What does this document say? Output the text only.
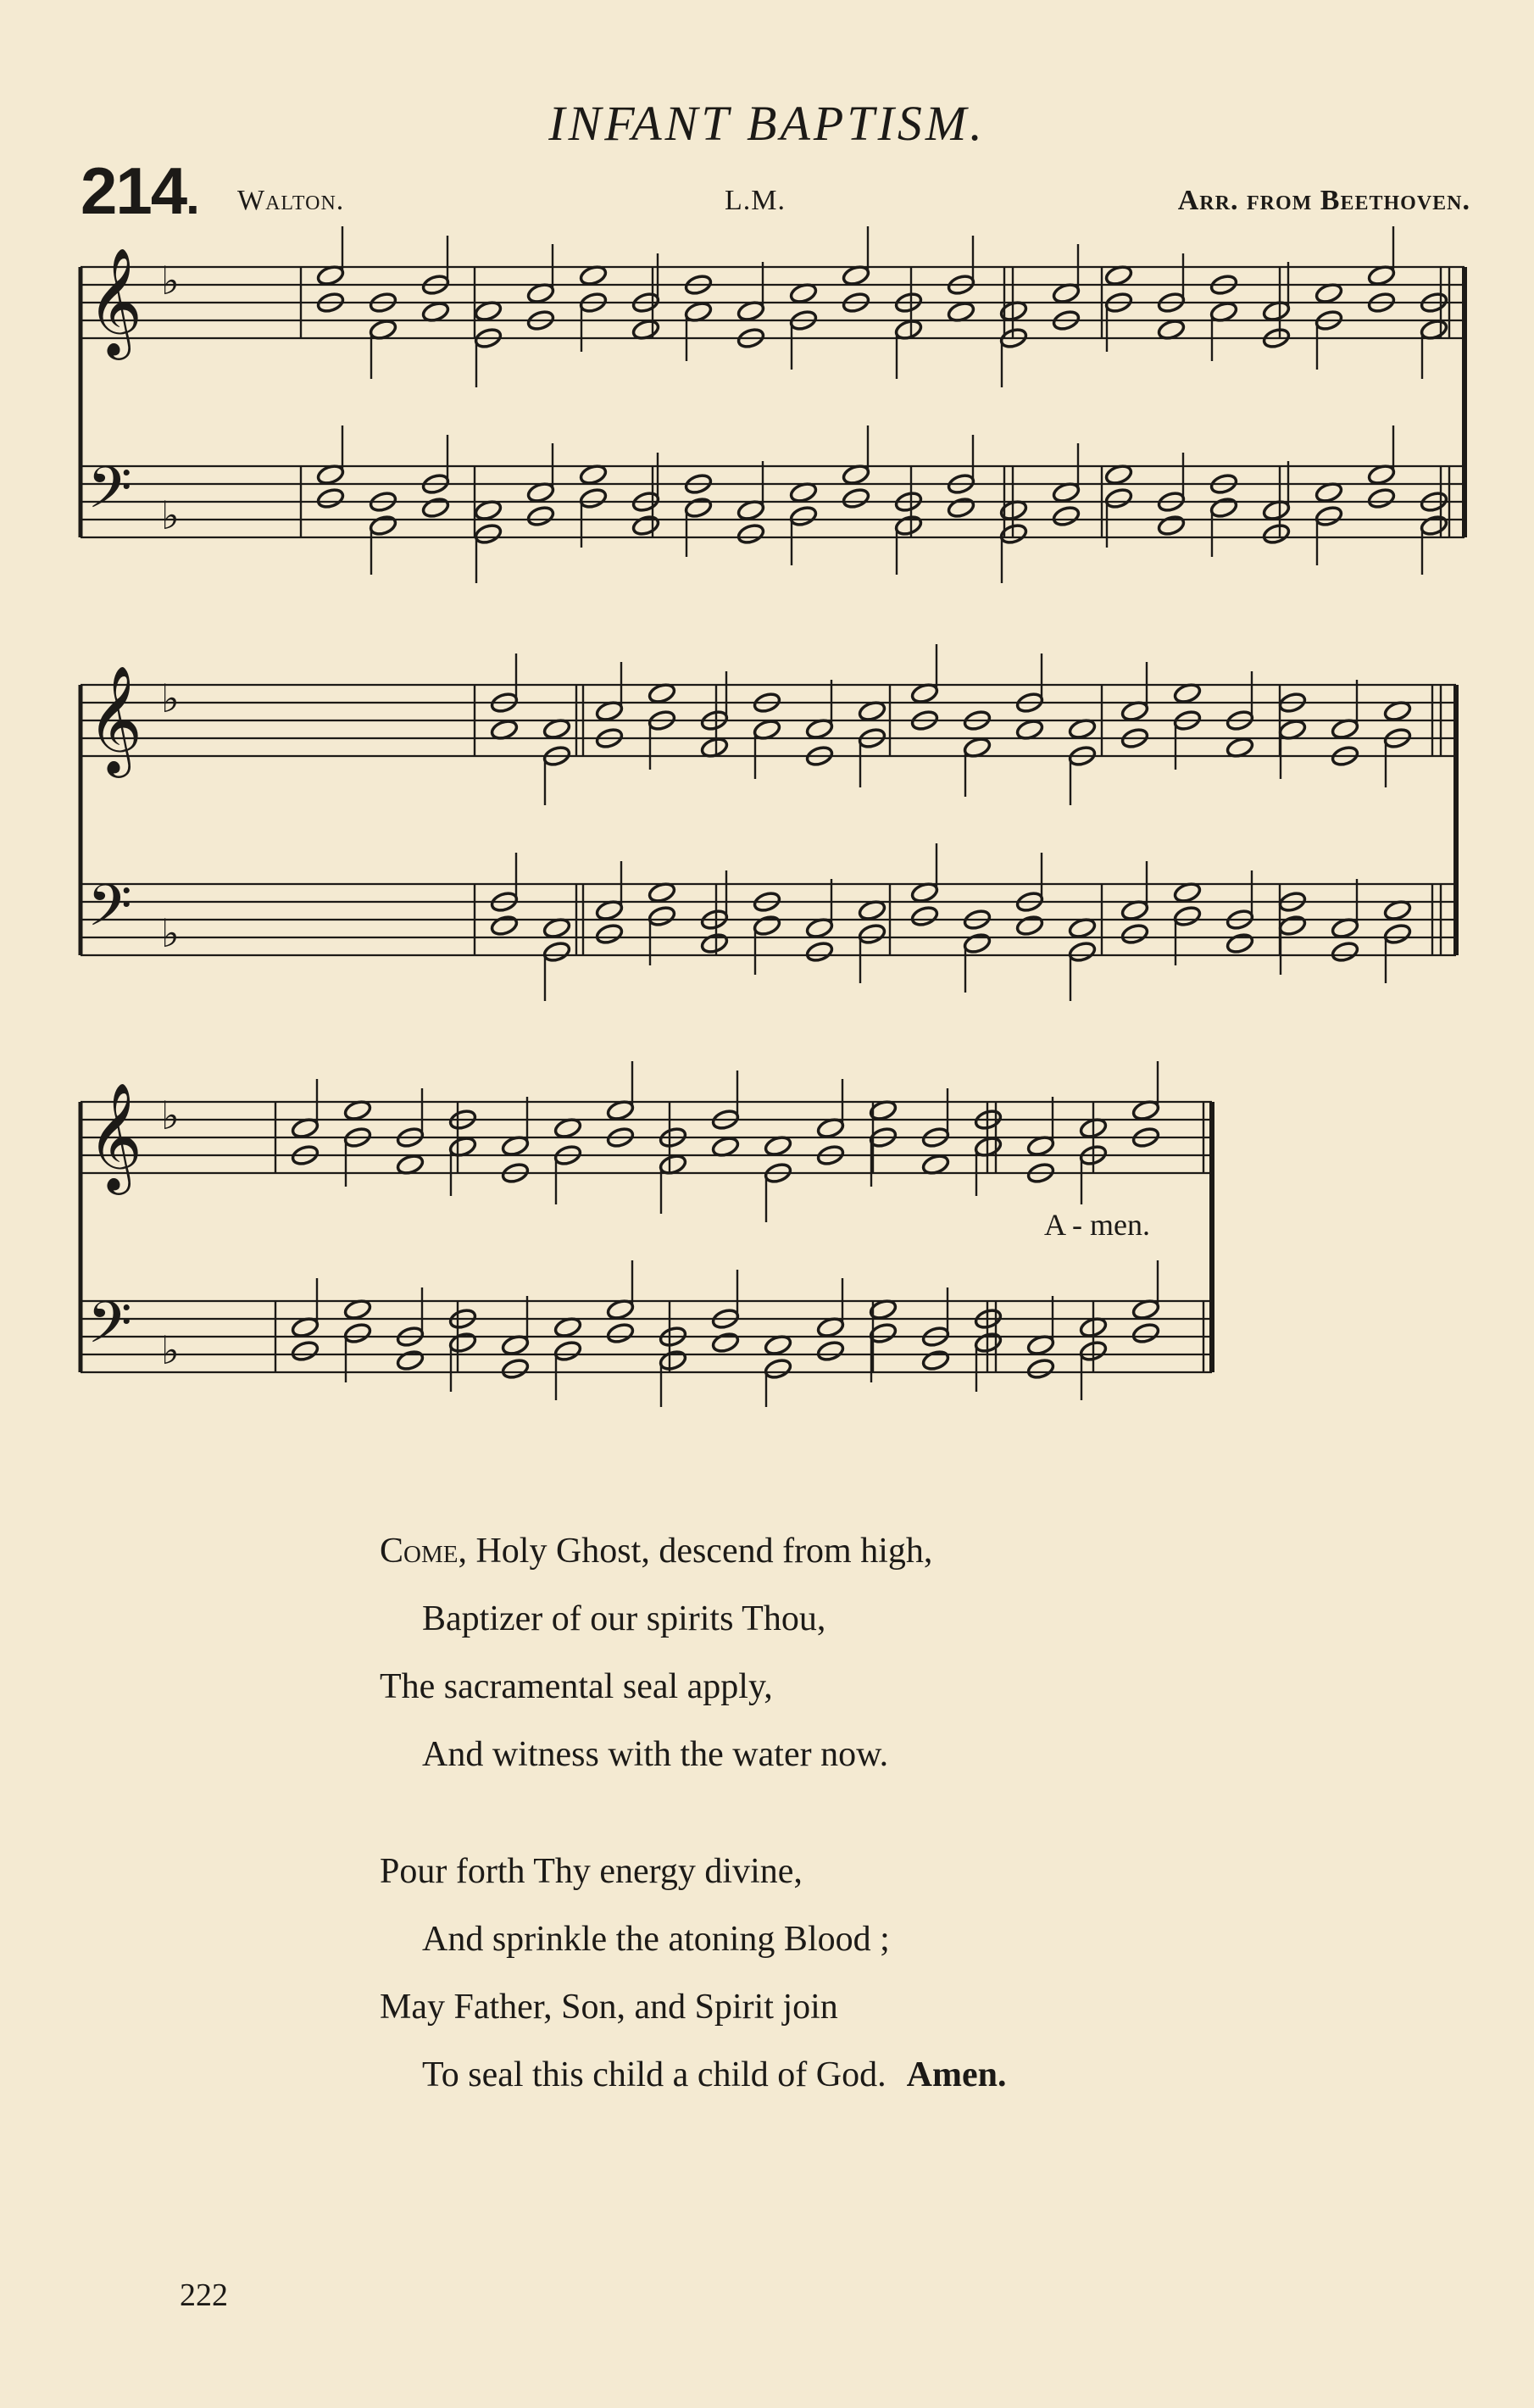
INFANT BAPTISM.
214. Walton.	L.M.	Arr. from Beethoven.
𝄞 ♭
𝄢 ♭
𝄞 ♭
𝄢 ♭
𝄞 ♭
𝄢 ♭
A - men.
Come, Holy Ghost, descend from high,
Baptizer of our spirits Thou,
The sacramental seal apply,
And witness with the water now.
Pour forth Thy energy divine,
And sprinkle the atoning Blood ;
May Father, Son, and Spirit join
To seal this child a child of God. Amen.
222
